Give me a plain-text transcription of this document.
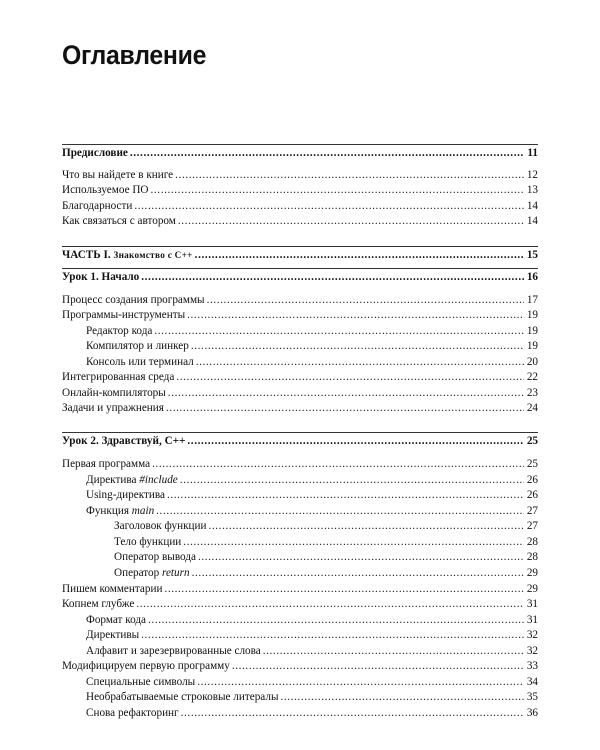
Оглавление
Предисловие .....	11
Что вы найдете в книге .....	12
Используемое ПО .....	13
Благодарности .....	14
Как связаться с автором .....	14
ЧАСТЬ I. Знакомство с C++ .....	15
Урок 1. Начало .....	16
Процесс создания программы .....	17
Программы-инструменты .....	19
Редактор кода .....	19
Компилятор и линкер .....	19
Консоль или терминал .....	20
Интегрированная среда .....	22
Онлайн-компиляторы .....	23
Задачи и упражнения .....	24
Урок 2. Здравствуй, C++ .....	25
Первая программа .....	25
Директива #include .....	26
Using-директива .....	26
Функция main .....	27
Заголовок функции .....	27
Тело функции .....	28
Оператор вывода .....	28
Оператор return .....	29
Пишем комментарии .....	29
Копнем глубже .....	31
Формат кода .....	31
Директивы .....	32
Алфавит и зарезервированные слова .....	32
Модифицируем первую программу .....	33
Специальные символы .....	34
Необрабатываемые строковые литералы .....	35
Снова рефакторинг .....	36
